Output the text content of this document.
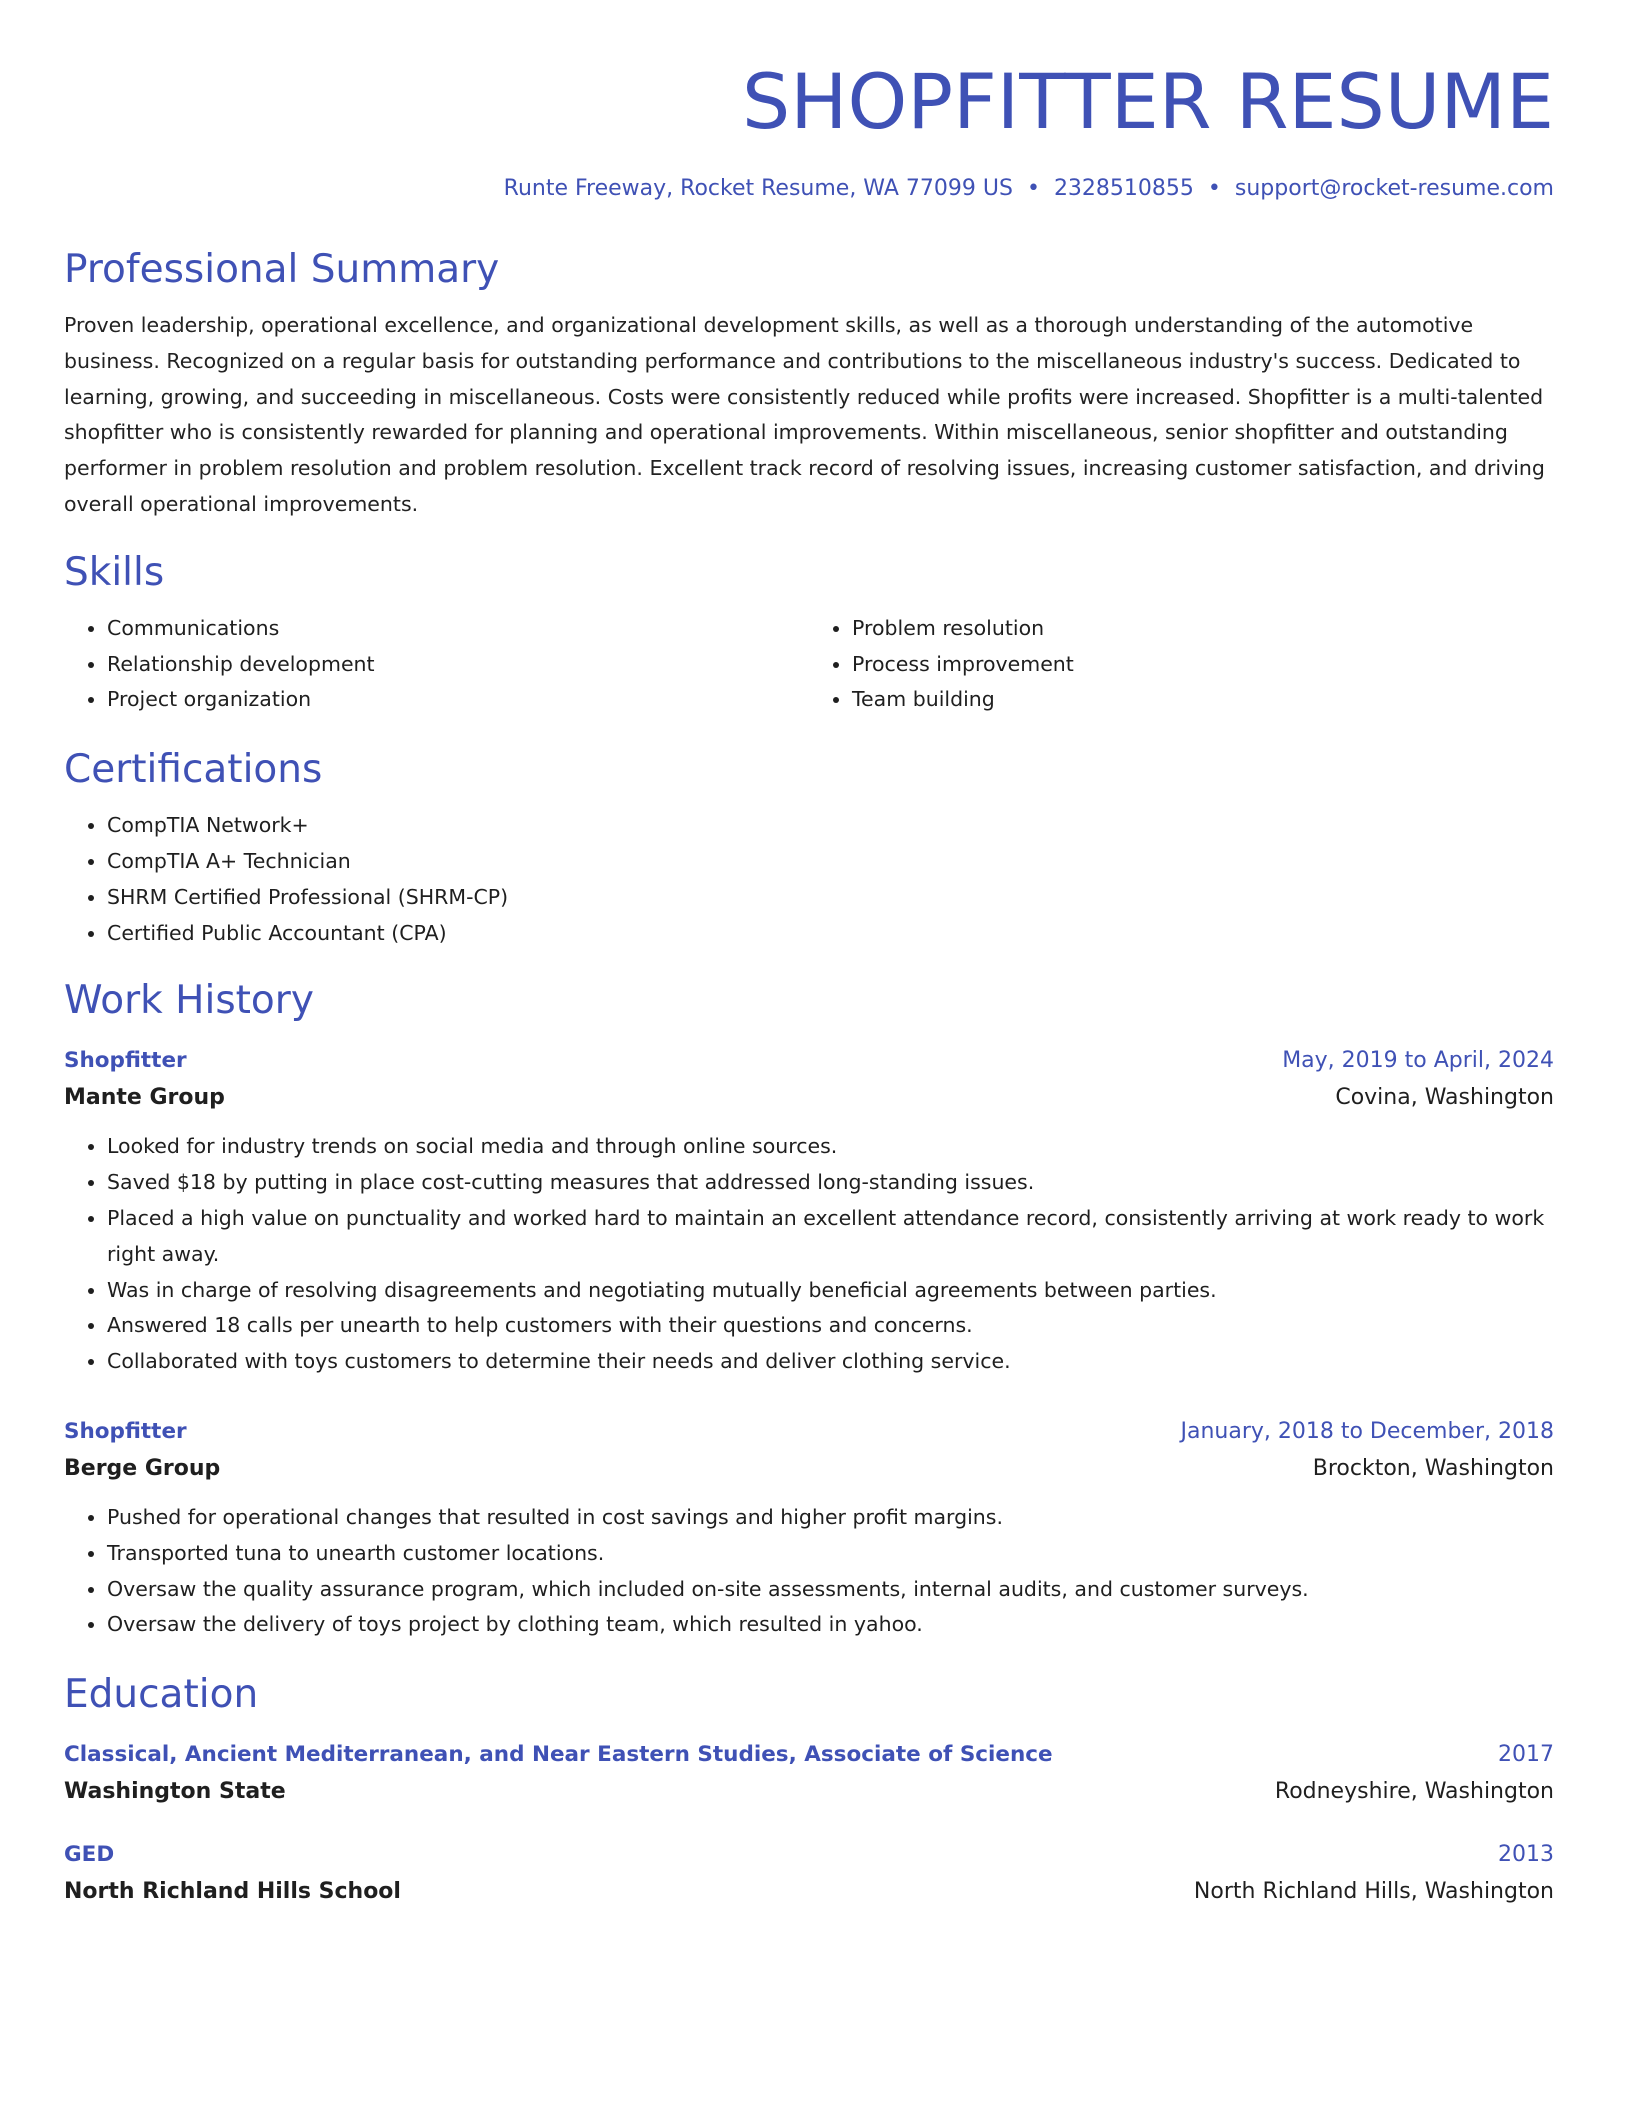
SHOPFITTER RESUME
Runte Freeway, Rocket Resume, WA 77099 US • 2328510855 • support@rocket-resume.com
Professional Summary
Proven leadership, operational excellence, and organizational development skills, as well as a thorough understanding of the automotive business. Recognized on a regular basis for outstanding performance and contributions to the miscellaneous industry's success. Dedicated to learning, growing, and succeeding in miscellaneous. Costs were consistently reduced while profits were increased. Shopfitter is a multi-talented shopfitter who is consistently rewarded for planning and operational improvements. Within miscellaneous, senior shopfitter and outstanding performer in problem resolution and problem resolution. Excellent track record of resolving issues, increasing customer satisfaction, and driving overall operational improvements.
Skills
• Communications
• Relationship development
• Project organization
• Problem resolution
• Process improvement
• Team building
Certifications
• CompTIA Network+
• CompTIA A+ Technician
• SHRM Certified Professional (SHRM-CP)
• Certified Public Accountant (CPA)
Work History
Shopfitter	May, 2019 to April, 2024
Mante Group	Covina, Washington
• Looked for industry trends on social media and through online sources.
• Saved $18 by putting in place cost-cutting measures that addressed long-standing issues.
• Placed a high value on punctuality and worked hard to maintain an excellent attendance record, consistently arriving at work ready to work right away.
• Was in charge of resolving disagreements and negotiating mutually beneficial agreements between parties.
• Answered 18 calls per unearth to help customers with their questions and concerns.
• Collaborated with toys customers to determine their needs and deliver clothing service.
Shopfitter	January, 2018 to December, 2018
Berge Group	Brockton, Washington
• Pushed for operational changes that resulted in cost savings and higher profit margins.
• Transported tuna to unearth customer locations.
• Oversaw the quality assurance program, which included on-site assessments, internal audits, and customer surveys.
• Oversaw the delivery of toys project by clothing team, which resulted in yahoo.
Education
Classical, Ancient Mediterranean, and Near Eastern Studies, Associate of Science	2017
Washington State	Rodneyshire, Washington
GED	2013
North Richland Hills School	North Richland Hills, Washington
